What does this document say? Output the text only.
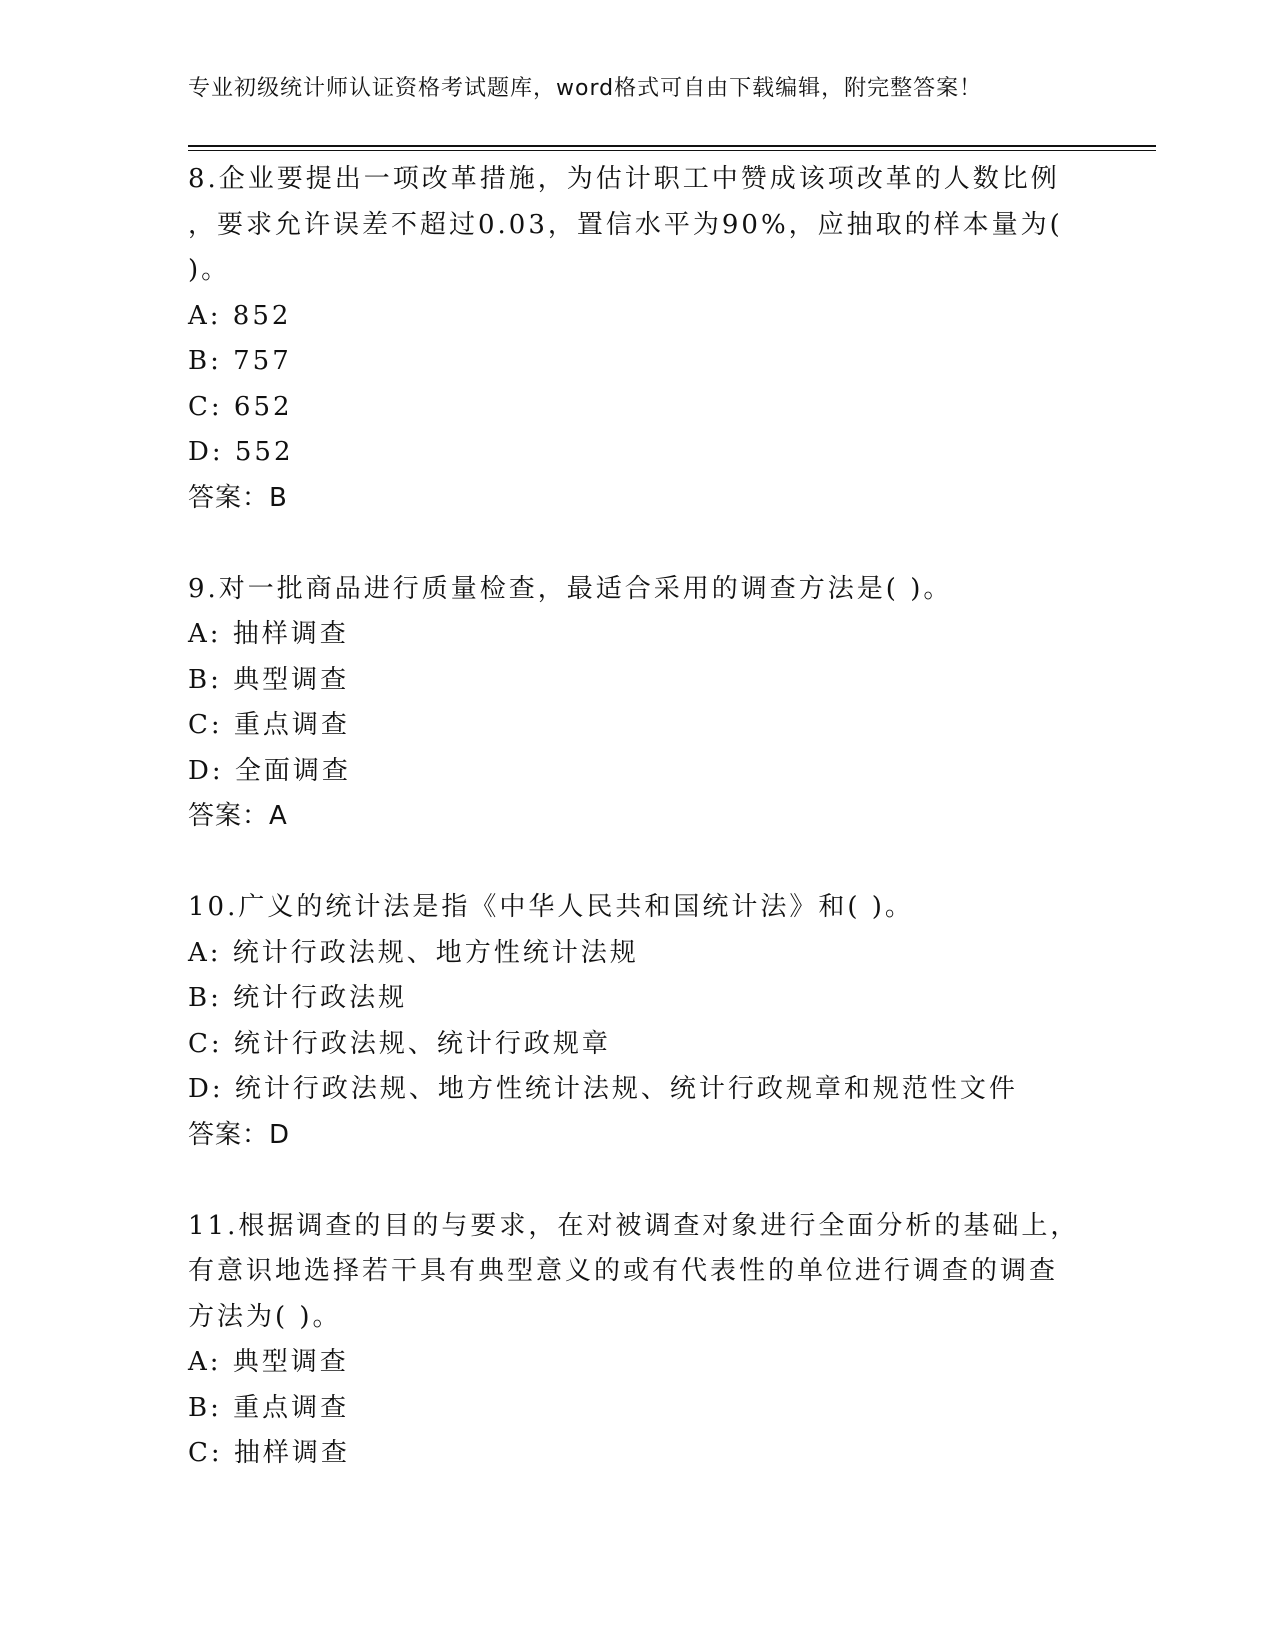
专业初级统计师认证资格考试题库，word格式可自由下载编辑，附完整答案！
8.企业要提出一项改革措施，为估计职工中赞成该项改革的人数比例
，要求允许误差不超过0.03，置信水平为90%，应抽取的样本量为(
)。
A: 852
B: 757
C: 652
D: 552
答案：B
9.对一批商品进行质量检查，最适合采用的调查方法是( )。
A: 抽样调查
B: 典型调查
C: 重点调查
D: 全面调查
答案：A
10.广义的统计法是指《中华人民共和国统计法》和( )。
A: 统计行政法规、地方性统计法规
B: 统计行政法规
C: 统计行政法规、统计行政规章
D: 统计行政法规、地方性统计法规、统计行政规章和规范性文件
答案：D
11.根据调查的目的与要求，在对被调查对象进行全面分析的基础上，
有意识地选择若干具有典型意义的或有代表性的单位进行调查的调查
方法为( )。
A: 典型调查
B: 重点调查
C: 抽样调查
